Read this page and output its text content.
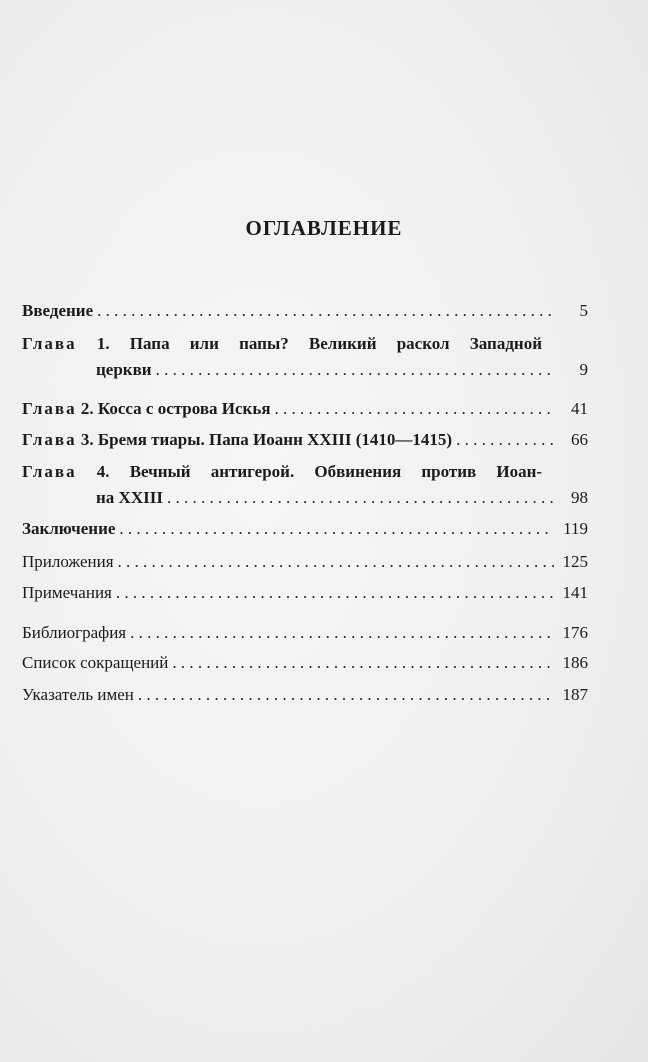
ОГЛАВЛЕНИЕ
Введение . . .	5
Глава 1. Папа или папы? Великий раскол Западной
церкви . . .	9
Глава 2. Косса с острова Искья . . .	41
Глава 3. Бремя тиары. Папа Иоанн XXIII (1410—1415) . . .	66
Глава 4. Вечный антигерой. Обвинения против Иоан-
на XXIII . . .	98
Заключение . . .	119
Приложения . . .	125
Примечания . . .	141
Библиография . . .	176
Список сокращений . . .	186
Указатель имен . . .	187
